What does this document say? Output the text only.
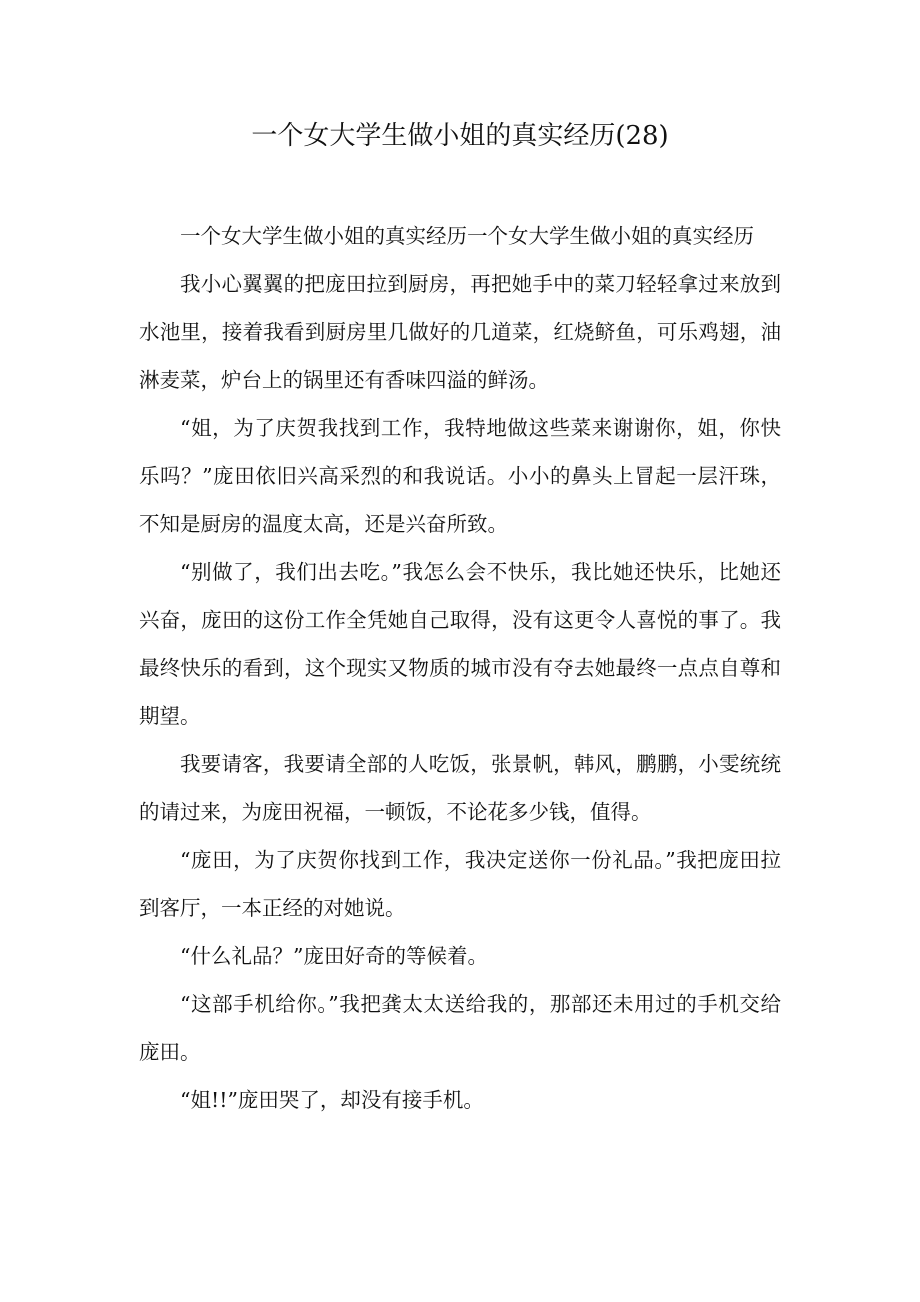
一个女大学生做小姐的真实经历(28)

一个女大学生做小姐的真实经历一个女大学生做小姐的真实经历

我小心翼翼的把庞田拉到厨房，再把她手中的菜刀轻轻拿过来放到水池里，接着我看到厨房里几做好的几道菜，红烧鲚鱼，可乐鸡翅，油淋麦菜，炉台上的锅里还有香味四溢的鲜汤。

“姐，为了庆贺我找到工作，我特地做这些菜来谢谢你，姐，你快乐吗？”庞田依旧兴高采烈的和我说话。小小的鼻头上冒起一层汗珠，不知是厨房的温度太高，还是兴奋所致。

“别做了，我们出去吃。”我怎么会不快乐，我比她还快乐，比她还兴奋，庞田的这份工作全凭她自己取得，没有这更令人喜悦的事了。我最终快乐的看到，这个现实又物质的城市没有夺去她最终一点点自尊和期望。

我要请客，我要请全部的人吃饭，张景帆，韩风，鹏鹏，小雯统统的请过来，为庞田祝福，一顿饭，不论花多少钱，值得。

“庞田，为了庆贺你找到工作，我决定送你一份礼品。”我把庞田拉到客厅，一本正经的对她说。

“什么礼品？”庞田好奇的等候着。

“这部手机给你。”我把龚太太送给我的，那部还未用过的手机交给庞田。

“姐!!”庞田哭了，却没有接手机。
